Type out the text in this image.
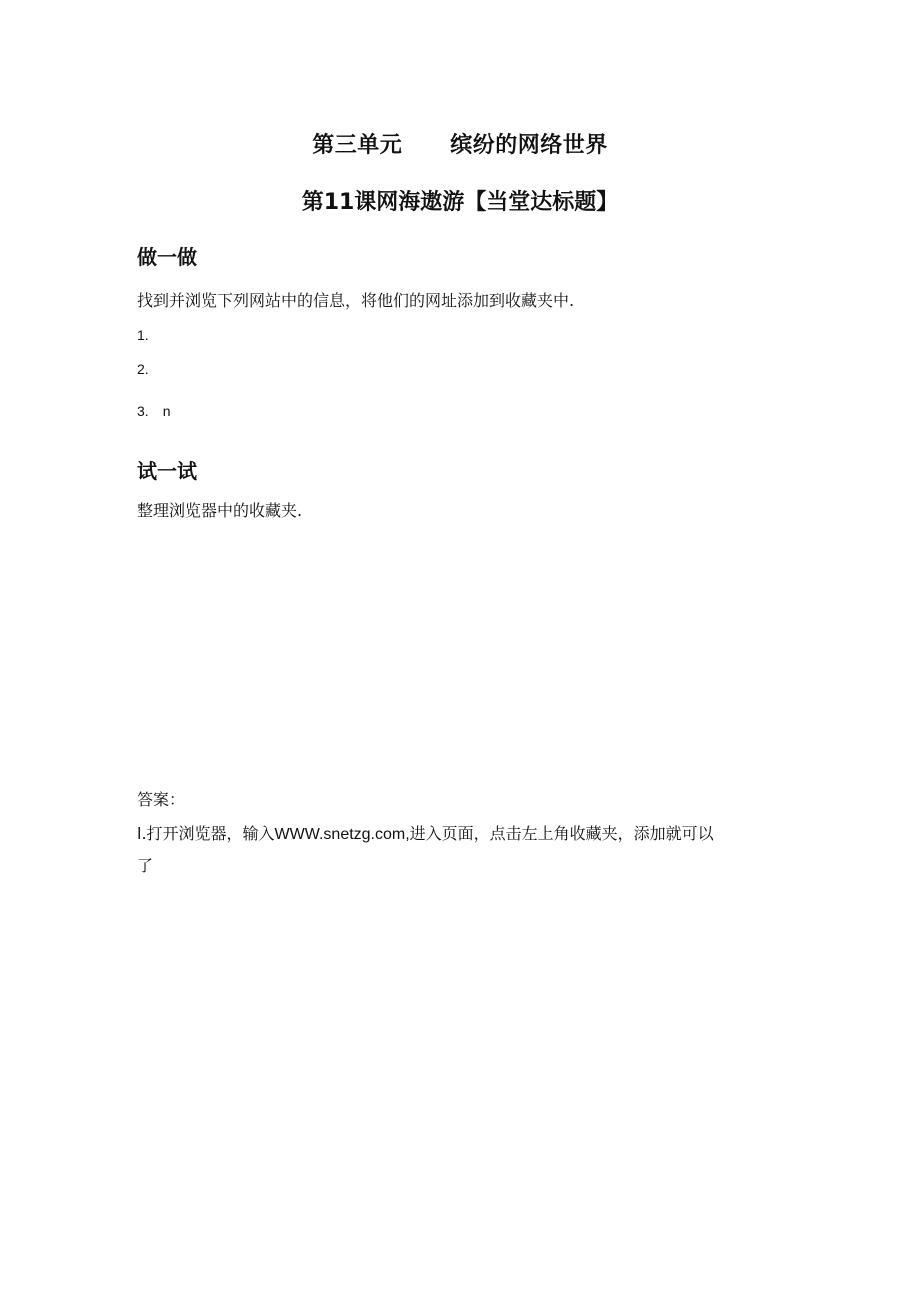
第三单元 缤纷的网络世界
第11课网海遨游【当堂达标题】
做一做
找到并浏览下列网站中的信息，将他们的网址添加到收藏夹中.
1.
2.
3. n
试一试
整理浏览器中的收藏夹.
答案：
l.打开浏览器，输入WWW.snetzg.com,进入页面，点击左上角收藏夹，添加就可以
了
